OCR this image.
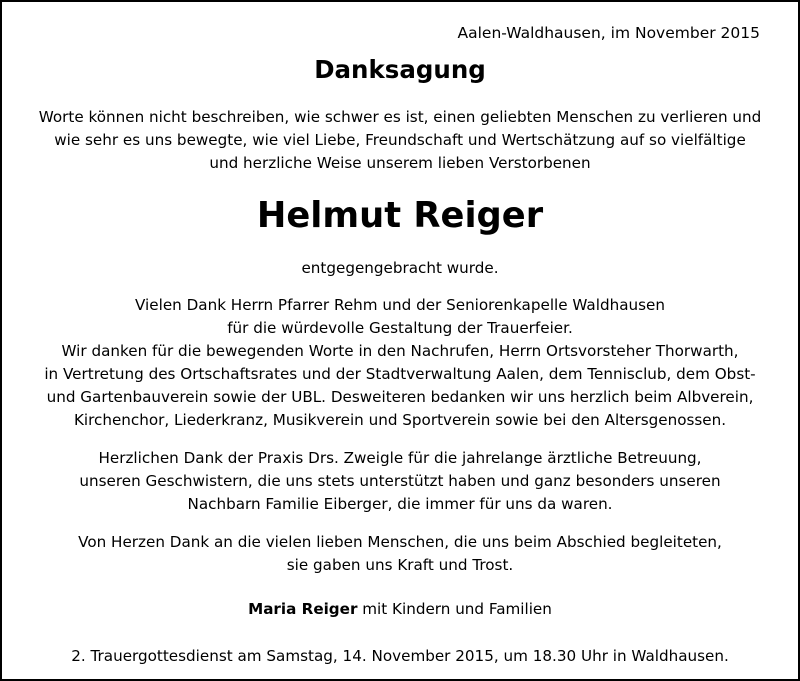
Aalen-Waldhausen, im November 2015
Danksagung
Worte können nicht beschreiben, wie schwer es ist, einen geliebten Menschen zu verlieren und
wie sehr es uns bewegte, wie viel Liebe, Freundschaft und Wertschätzung auf so vielfältige
und herzliche Weise unserem lieben Verstorbenen
Helmut Reiger
entgegengebracht wurde.
Vielen Dank Herrn Pfarrer Rehm und der Seniorenkapelle Waldhausen
für die würdevolle Gestaltung der Trauerfeier.
Wir danken für die bewegenden Worte in den Nachrufen, Herrn Ortsvorsteher Thorwarth,
in Vertretung des Ortschaftsrates und der Stadtverwaltung Aalen, dem Tennisclub, dem Obst-
und Gartenbauverein sowie der UBL. Desweiteren bedanken wir uns herzlich beim Albverein,
Kirchenchor, Liederkranz, Musikverein und Sportverein sowie bei den Altersgenossen.
Herzlichen Dank der Praxis Drs. Zweigle für die jahrelange ärztliche Betreuung,
unseren Geschwistern, die uns stets unterstützt haben und ganz besonders unseren
Nachbarn Familie Eiberger, die immer für uns da waren.
Von Herzen Dank an die vielen lieben Menschen, die uns beim Abschied begleiteten,
sie gaben uns Kraft und Trost.
Maria Reiger mit Kindern und Familien
2. Trauergottesdienst am Samstag, 14. November 2015, um 18.30 Uhr in Waldhausen.
